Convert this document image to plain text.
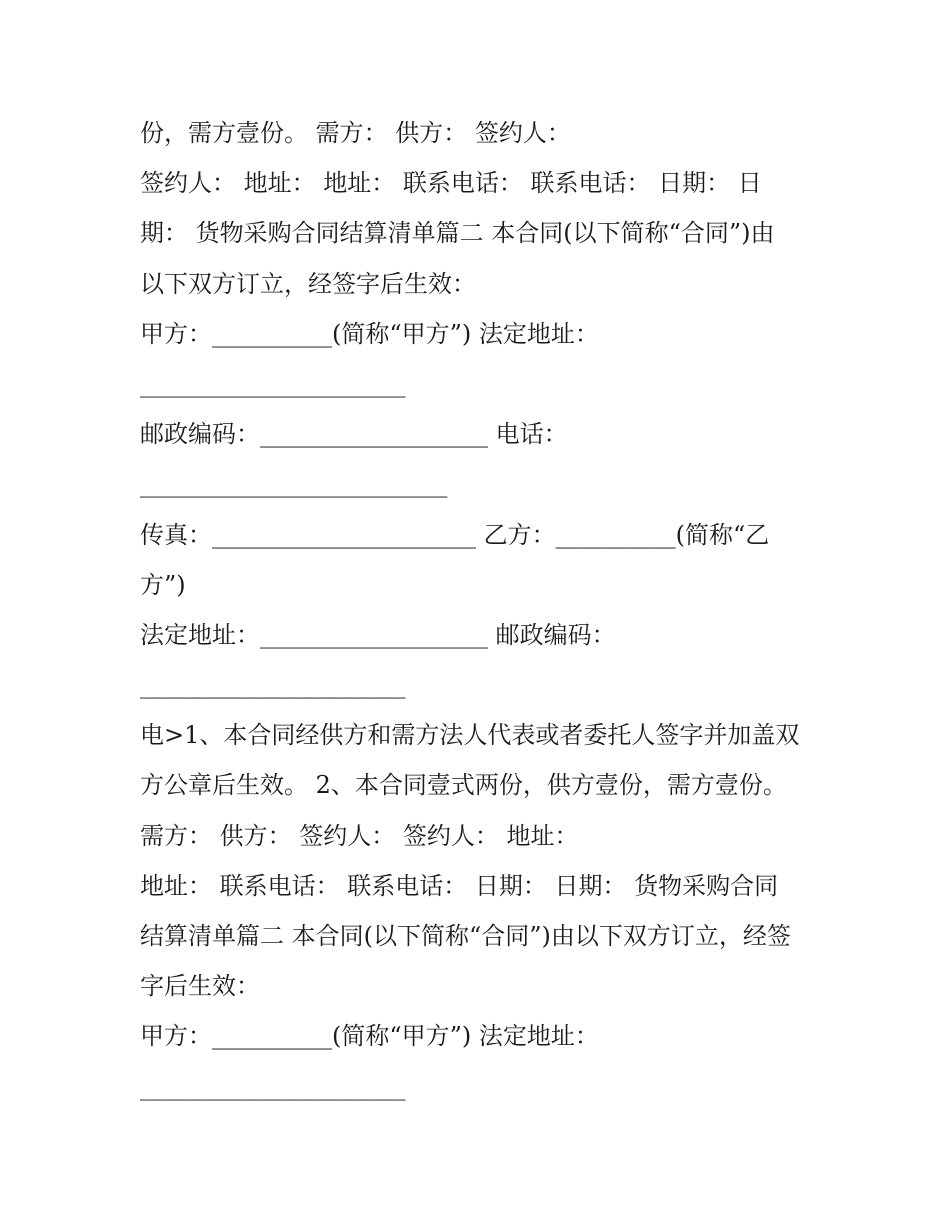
份，需方壹份。 需方： 供方： 签约人：
签约人： 地址： 地址： 联系电话： 联系电话： 日期： 日
期： 货物采购合同结算清单篇二 本合同(以下简称“合同”)由
以下双方订立，经签字后生效：
甲方：__________(简称“甲方”) 法定地址：
___________________
邮政编码：___________________ 电话：
______________________
传真：______________________ 乙方：__________(简称“乙
方”)
法定地址：___________________ 邮政编码：
___________________
电>1、本合同经供方和需方法人代表或者委托人签字并加盖双
方公章后生效。 2、本合同壹式两份，供方壹份，需方壹份。
需方： 供方： 签约人： 签约人： 地址：
地址： 联系电话： 联系电话： 日期： 日期： 货物采购合同
结算清单篇二 本合同(以下简称“合同”)由以下双方订立，经签
字后生效：
甲方：__________(简称“甲方”) 法定地址：
___________________
